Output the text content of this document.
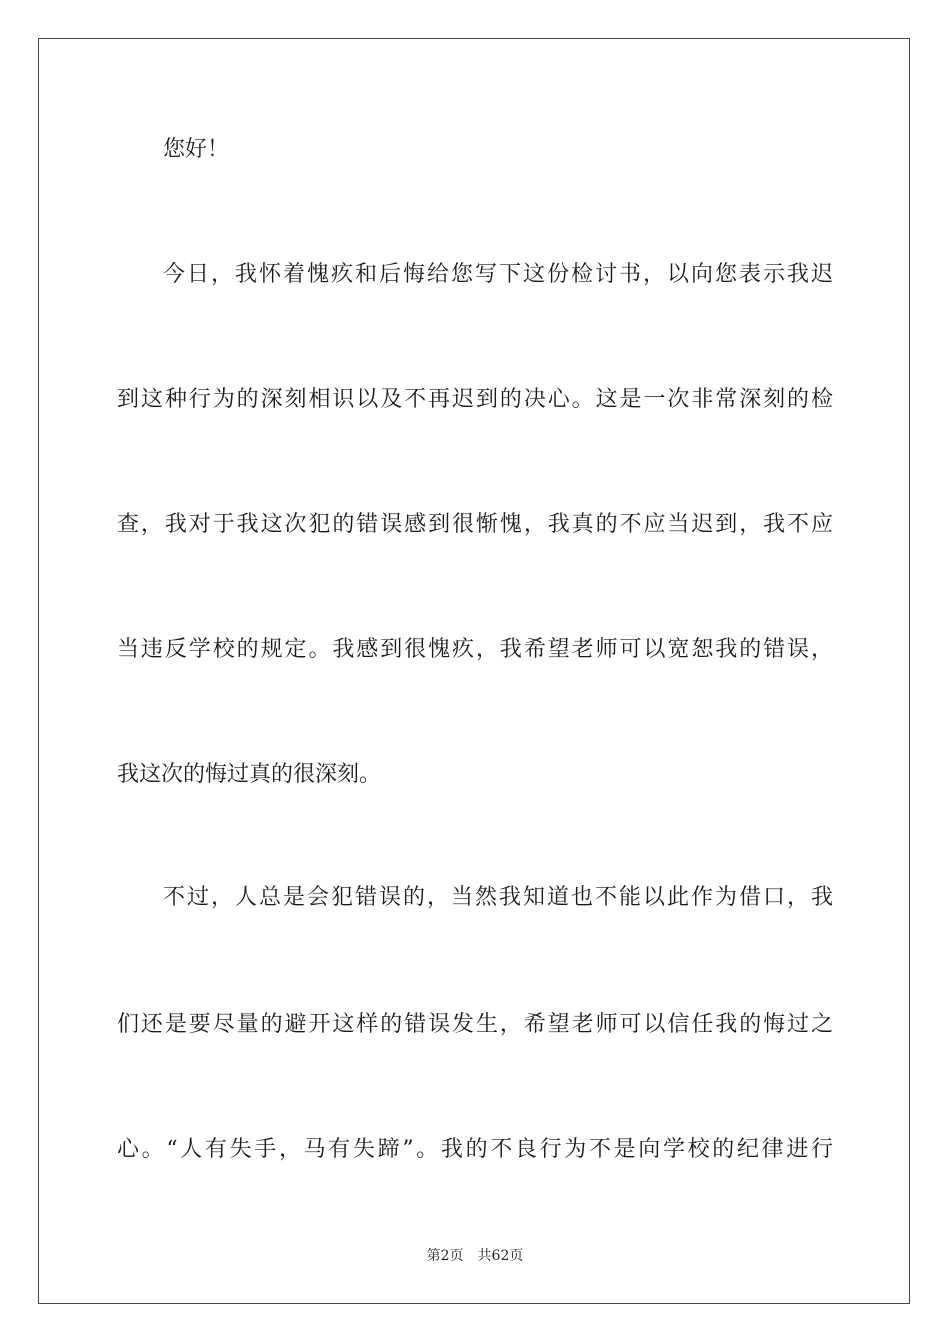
您好！
今日，我怀着愧疚和后悔给您写下这份检讨书，以向您表示我迟
到这种行为的深刻相识以及不再迟到的决心。这是一次非常深刻的检
查，我对于我这次犯的错误感到很惭愧，我真的不应当迟到，我不应
当违反学校的规定。我感到很愧疚，我希望老师可以宽恕我的错误，
我这次的悔过真的很深刻。
不过，人总是会犯错误的，当然我知道也不能以此作为借口，我
们还是要尽量的避开这样的错误发生，希望老师可以信任我的悔过之
心。“人有失手，马有失蹄”。我的不良行为不是向学校的纪律进行
第2页 共62页
